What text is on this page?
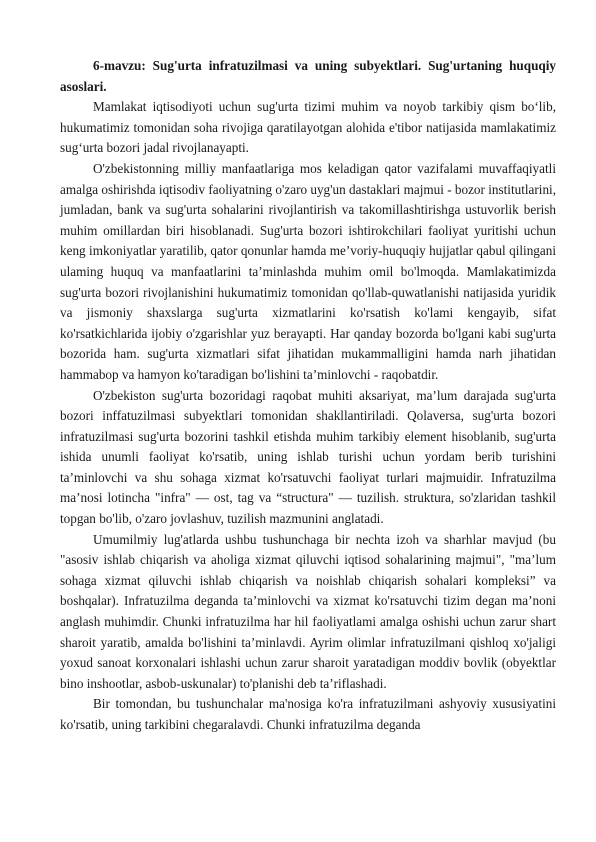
6-mavzu: Sug'urta infratuzilmasi va uning subyektlari. Sug'urtaning huquqiy asoslari.

Mamlakat iqtisodiyoti uchun sug'urta tizimi muhim va noyob tarkibiy qism bo‘lib, hukumatimiz tomonidan soha rivojiga qaratilayotgan alohida e'tibor natijasida mamlakatimiz sug‘urta bozori jadal rivojlanayapti.

O'zbekistonning milliy manfaatlariga mos keladigan qator vazifalami muvaffaqiyatli amalga oshirishda iqtisodiv faoliyatning o'zaro uyg'un dastaklari majmui - bozor institutlarini, jumladan, bank va sug'urta sohalarini rivojlantirish va takomillashtirishga ustuvorlik berish muhim omillardan biri hisoblanadi. Sug'urta bozori ishtirokchilari faoliyat yuritishi uchun keng imkoniyatlar yaratilib, qator qonunlar hamda me’voriy-huquqiy hujjatlar qabul qilingani ulaming huquq va manfaatlarini ta’minlashda muhim omil bo'lmoqda. Mamlakatimizda sug'urta bozori rivojlanishini hukumatimiz tomonidan qo'llab-quwatlanishi natijasida yuridik va jismoniy shaxslarga sug'urta xizmatlarini ko'rsatish ko'lami kengayib, sifat ko'rsatkichlarida ijobiy o'zgarishlar yuz berayapti. Har qanday bozorda bo'lgani kabi sug'urta bozorida ham. sug'urta xizmatlari sifat jihatidan mukammalligini hamda narh jihatidan hammabop va hamyon ko'taradigan bo'lishini ta’minlovchi - raqobatdir.

O'zbekiston sug'urta bozoridagi raqobat muhiti aksariyat, ma’lum darajada sug'urta bozori inffatuzilmasi subyektlari tomonidan shakllantiriladi. Qolaversa, sug'urta bozori infratuzilmasi sug'urta bozorini tashkil etishda muhim tarkibiy element hisoblanib, sug'urta ishida unumli faoliyat ko'rsatib, uning ishlab turishi uchun yordam berib turishini ta’minlovchi va shu sohaga xizmat ko'rsatuvchi faoliyat turlari majmuidir. Infratuzilma ma’nosi lotincha "infra" — ost, tag va “structura" — tuzilish. struktura, so'zlaridan tashkil topgan bo'lib, o'zaro jovlashuv, tuzilish mazmunini anglatadi.

Umumilmiy lug'atlarda ushbu tushunchaga bir nechta izoh va sharhlar mavjud (bu "asosiv ishlab chiqarish va aholiga xizmat qiluvchi iqtisod sohalarining majmui", "ma’lum sohaga xizmat qiluvchi ishlab chiqarish va noishlab chiqarish sohalari kompleksi” va boshqalar). Infratuzilma deganda ta’minlovchi va xizmat ko'rsatuvchi tizim degan ma’noni anglash muhimdir. Chunki infratuzilma har hil faoliyatlami amalga oshishi uchun zarur shart sharoit yaratib, amalda bo'lishini ta’minlavdi. Ayrim olimlar infratuzilmani qishloq xo'jaligi yoxud sanoat korxonalari ishlashi uchun zarur sharoit yaratadigan moddiv bovlik (obyektlar bino inshootlar, asbob-uskunalar) to'planishi deb ta’riflashadi.

Bir tomondan, bu tushunchalar ma'nosiga ko'ra infratuzilmani ashyoviy xususiyatini ko'rsatib, uning tarkibini chegaralavdi. Chunki infratuzilma deganda
